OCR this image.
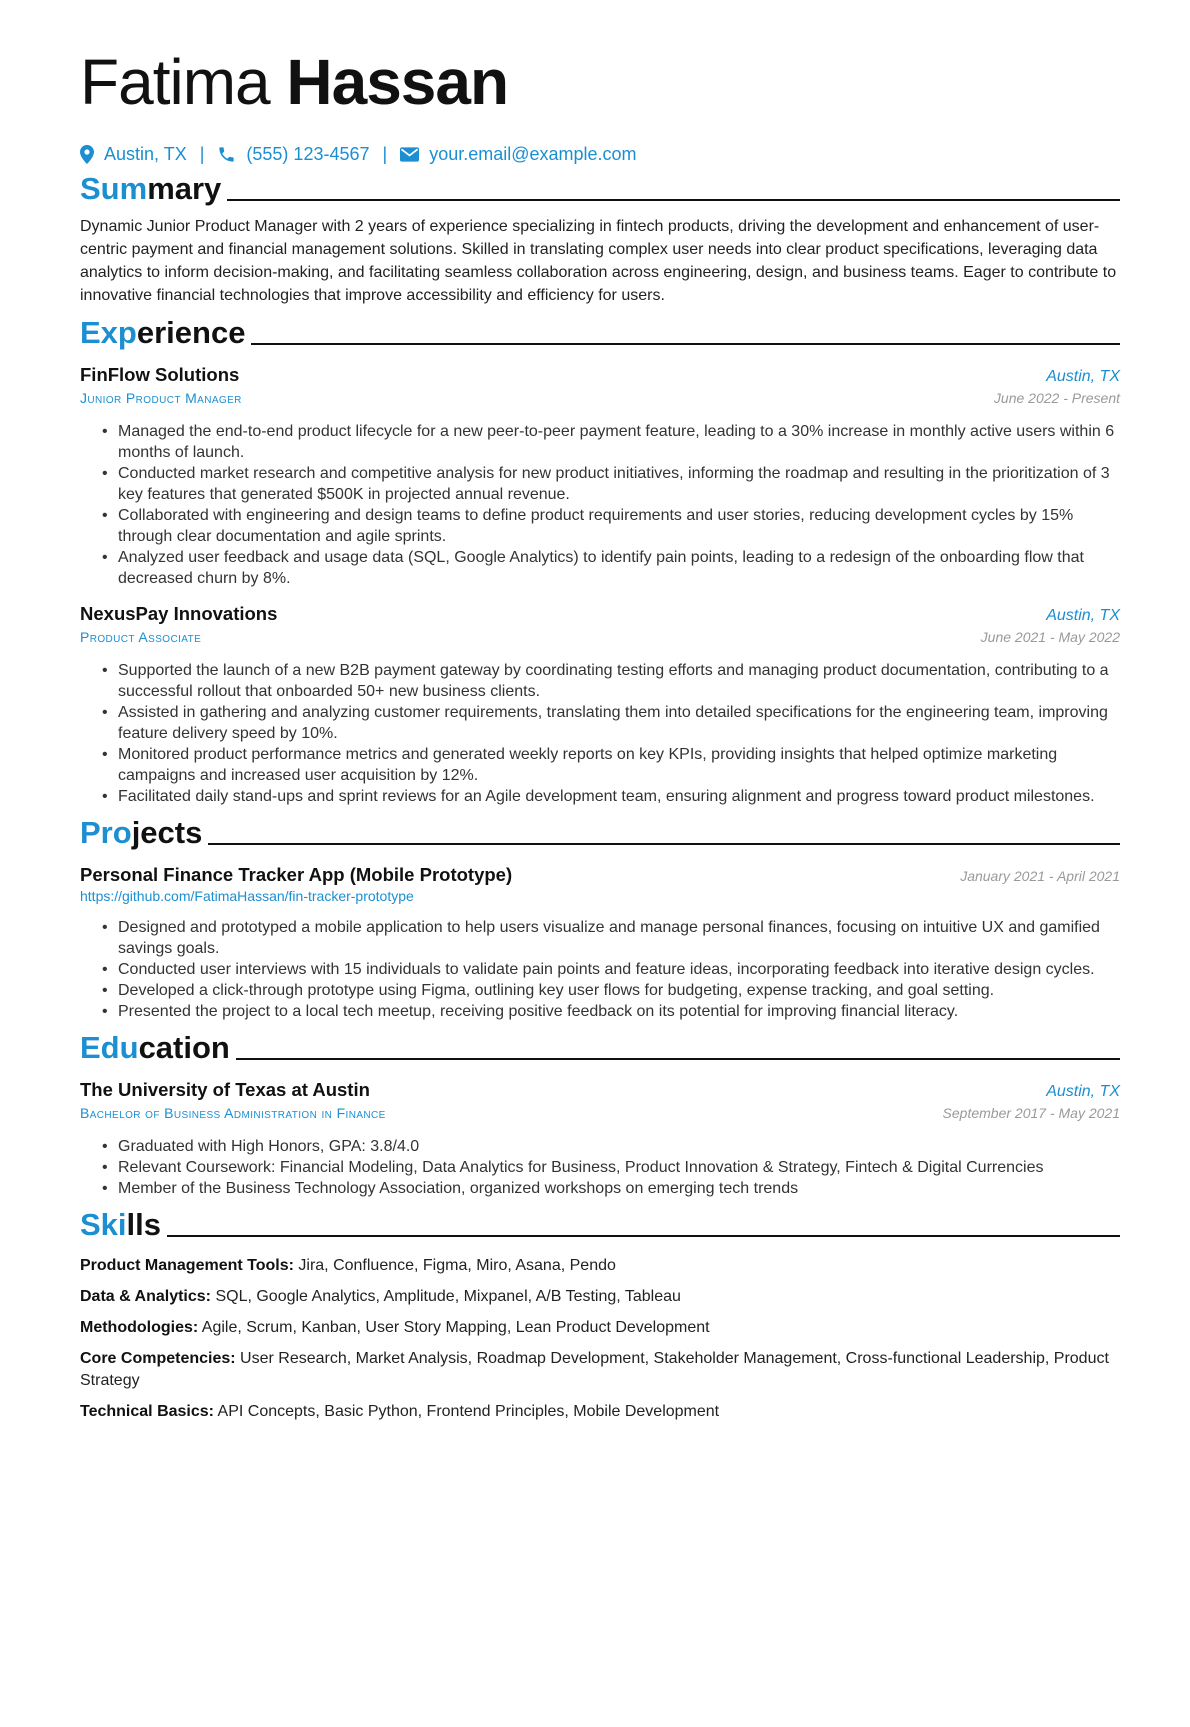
Fatima Hassan
Austin, TX | (555) 123-4567 | your.email@example.com
Sum mary
Dynamic Junior Product Manager with 2 years of experience specializing in fintech products, driving the development and enhancement of user-centric payment and financial management solutions. Skilled in translating complex user needs into clear product specifications, leveraging data analytics to inform decision-making, and facilitating seamless collaboration across engineering, design, and business teams. Eager to contribute to innovative financial technologies that improve accessibility and efficiency for users.
Exp erience
FinFlow Solutions	Austin, TX
Junior Product Manager	June 2022 - Present
• Managed the end-to-end product lifecycle for a new peer-to-peer payment feature, leading to a 30% increase in monthly active users within 6 months of launch.
• Conducted market research and competitive analysis for new product initiatives, informing the roadmap and resulting in the prioritization of 3 key features that generated $500K in projected annual revenue.
• Collaborated with engineering and design teams to define product requirements and user stories, reducing development cycles by 15% through clear documentation and agile sprints.
• Analyzed user feedback and usage data (SQL, Google Analytics) to identify pain points, leading to a redesign of the onboarding flow that decreased churn by 8%.
NexusPay Innovations	Austin, TX
Product Associate	June 2021 - May 2022
• Supported the launch of a new B2B payment gateway by coordinating testing efforts and managing product documentation, contributing to a successful rollout that onboarded 50+ new business clients.
• Assisted in gathering and analyzing customer requirements, translating them into detailed specifications for the engineering team, improving feature delivery speed by 10%.
• Monitored product performance metrics and generated weekly reports on key KPIs, providing insights that helped optimize marketing campaigns and increased user acquisition by 12%.
• Facilitated daily stand-ups and sprint reviews for an Agile development team, ensuring alignment and progress toward product milestones.
Pro jects
Personal Finance Tracker App (Mobile Prototype)	January 2021 - April 2021
https://github.com/FatimaHassan/fin-tracker-prototype
• Designed and prototyped a mobile application to help users visualize and manage personal finances, focusing on intuitive UX and gamified savings goals.
• Conducted user interviews with 15 individuals to validate pain points and feature ideas, incorporating feedback into iterative design cycles.
• Developed a click-through prototype using Figma, outlining key user flows for budgeting, expense tracking, and goal setting.
• Presented the project to a local tech meetup, receiving positive feedback on its potential for improving financial literacy.
Edu cation
The University of Texas at Austin	Austin, TX
Bachelor of Business Administration in Finance	September 2017 - May 2021
• Graduated with High Honors, GPA: 3.8/4.0
• Relevant Coursework: Financial Modeling, Data Analytics for Business, Product Innovation & Strategy, Fintech & Digital Currencies
• Member of the Business Technology Association, organized workshops on emerging tech trends
Ski lls
Product Management Tools: Jira, Confluence, Figma, Miro, Asana, Pendo
Data & Analytics: SQL, Google Analytics, Amplitude, Mixpanel, A/B Testing, Tableau
Methodologies: Agile, Scrum, Kanban, User Story Mapping, Lean Product Development
Core Competencies: User Research, Market Analysis, Roadmap Development, Stakeholder Management, Cross-functional Leadership, Product Strategy
Technical Basics: API Concepts, Basic Python, Frontend Principles, Mobile Development
